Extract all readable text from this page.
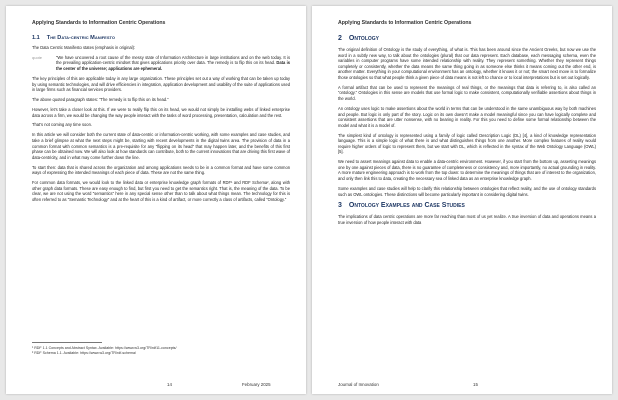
Applying Standards to Information Centric Operations
1.1 The Data-centric Manifesto

The Data Centric Manifesto states (emphasis in original):

quote	“We have uncovered a root cause of the messy state of Information Architecture in large institutions and on the web today. It is the prevailing application-centric mindset that gives applications priority over data. The remedy is to flip this on its head. Data is the center of the universe; applications are ephemeral.

The key principles of this are applicable today in any large organization. These principles set out a way of working that can be taken up today by using semantic technologies, and will drive efficiencies in integration, application development and usability of the suite of applications used in large firms such as financial services providers.

The above quoted paragraph states: “The remedy is to flip this on its head.”

However, let’s take a closer look at this. If we were to really flip this on its head, we would not simply be installing webs of linked enterprise data across a firm, we would be changing the way people interact with the tasks of word processing, presentation, calculation and the rest.

That’s not coming any time soon.

In this article we will consider both the current state of data-centric or information-centric working, with some examples and case studies, and take a brief glimpse at what the next steps might be, starting with recent developments in the digital twins area. The provision of data in a common format with common semantics is a pre-requisite for any “flipping on its head” that may happen later, and the benefits of this first phase can be obtained now. We will also look at how standards can contribute, both to the current innovations that are driving this first wave of data-centricity, and in what may come further down the line.

To start then: data that is shared across the organization and among applications needs to be in a common format and have some common ways of expressing the intended meanings of each piece of data. These are not the same thing.

For common data formats, we would look to the linked data or enterprise knowledge graph formats of RDF¹ and RDF Schema², along with other graph data formats. These are easy enough to find, but first you need to get the semantics right. That is, the meaning of the data. To be clear, we are not using the word “semantics” here in any special sense other than to talk about what things mean. The technology for this is often referred to as “Semantic Technology” and at the heart of this is a kind of artifact, or more correctly a class of artifacts, called “Ontology.”

¹ RDF 1.1 Concepts and Abstract Syntax. Available: https://www.w3.org/TR/rdf11-concepts/
² RDF Schema 1.1. Available: https://www.w3.org/TR/rdf-schema/
14	February 2025
Applying Standards to Information Centric Operations
2 Ontology

The original definition of Ontology is the study of everything, of what is. This has been around since the Ancient Greeks, but now we use the word in a subtly new way, to talk about the ontologies (plural) that our data represent. Each database, each messaging schema, even the variables in computer programs have some intended relationship with reality. They represent something. Whether they represent things completely or consistently, whether the data means the same thing going in as someone else thinks it means coming out the other end, is another matter. Everything in your computational environment has an ontology, whether it knows it or not; the smart next move is to formalize those ontologies so that what people think a given piece of data means is not left to chance or to local interpretations but is set out logically.

A formal artifact that can be used to represent the meanings of real things, or the meanings that data is referring to, is also called an “ontology.” Ontologies in this sense are models that use formal logic to make consistent, computationally verifiable assertions about things in the world.

An ontology uses logic to make assertions about the world in terms that can be understood in the same unambiguous way by both machines and people. But logic is only part of the story. Logic on its own doesn’t make a model meaningful since you can have logically complete and consistent assertions that are utter nonsense, with no bearing in reality. For this you need to define some formal relationship between the model and what it is a model of.

The simplest kind of ontology is represented using a family of logic called Description Logic (DL) [4], a kind of knowledge representation language. This is a simple logic of what there is and what distinguishes things from one another. More complex features of reality would require higher orders of logic to represent them, but we start with DL, which is reflected in the syntax of the Web Ontology Language (OWL) [5].

We need to assert meanings against data to enable a data-centric environment. However, if you start from the bottom up, asserting meanings one by one against pieces of data, there is no guarantee of completeness or consistency and, more importantly, no actual grounding in reality. A more mature engineering approach is to work from the top down: to determine the meanings of things that are of interest to the organization, and only then link this to data, creating the necessary sea of linked data as an enterprise knowledge graph.

Some examples and case studies will help to clarify this relationship between ontologies that reflect reality, and the use of ontology standards such as OWL ontologies. These distinctions will become particularly important in considering digital twins.

3 Ontology Examples and Case Studies

The implications of data centric operations are more far reaching than most of us yet realize. A true inversion of data and operations means a true inversion of how people interact with data

Journal of Innovation	15
